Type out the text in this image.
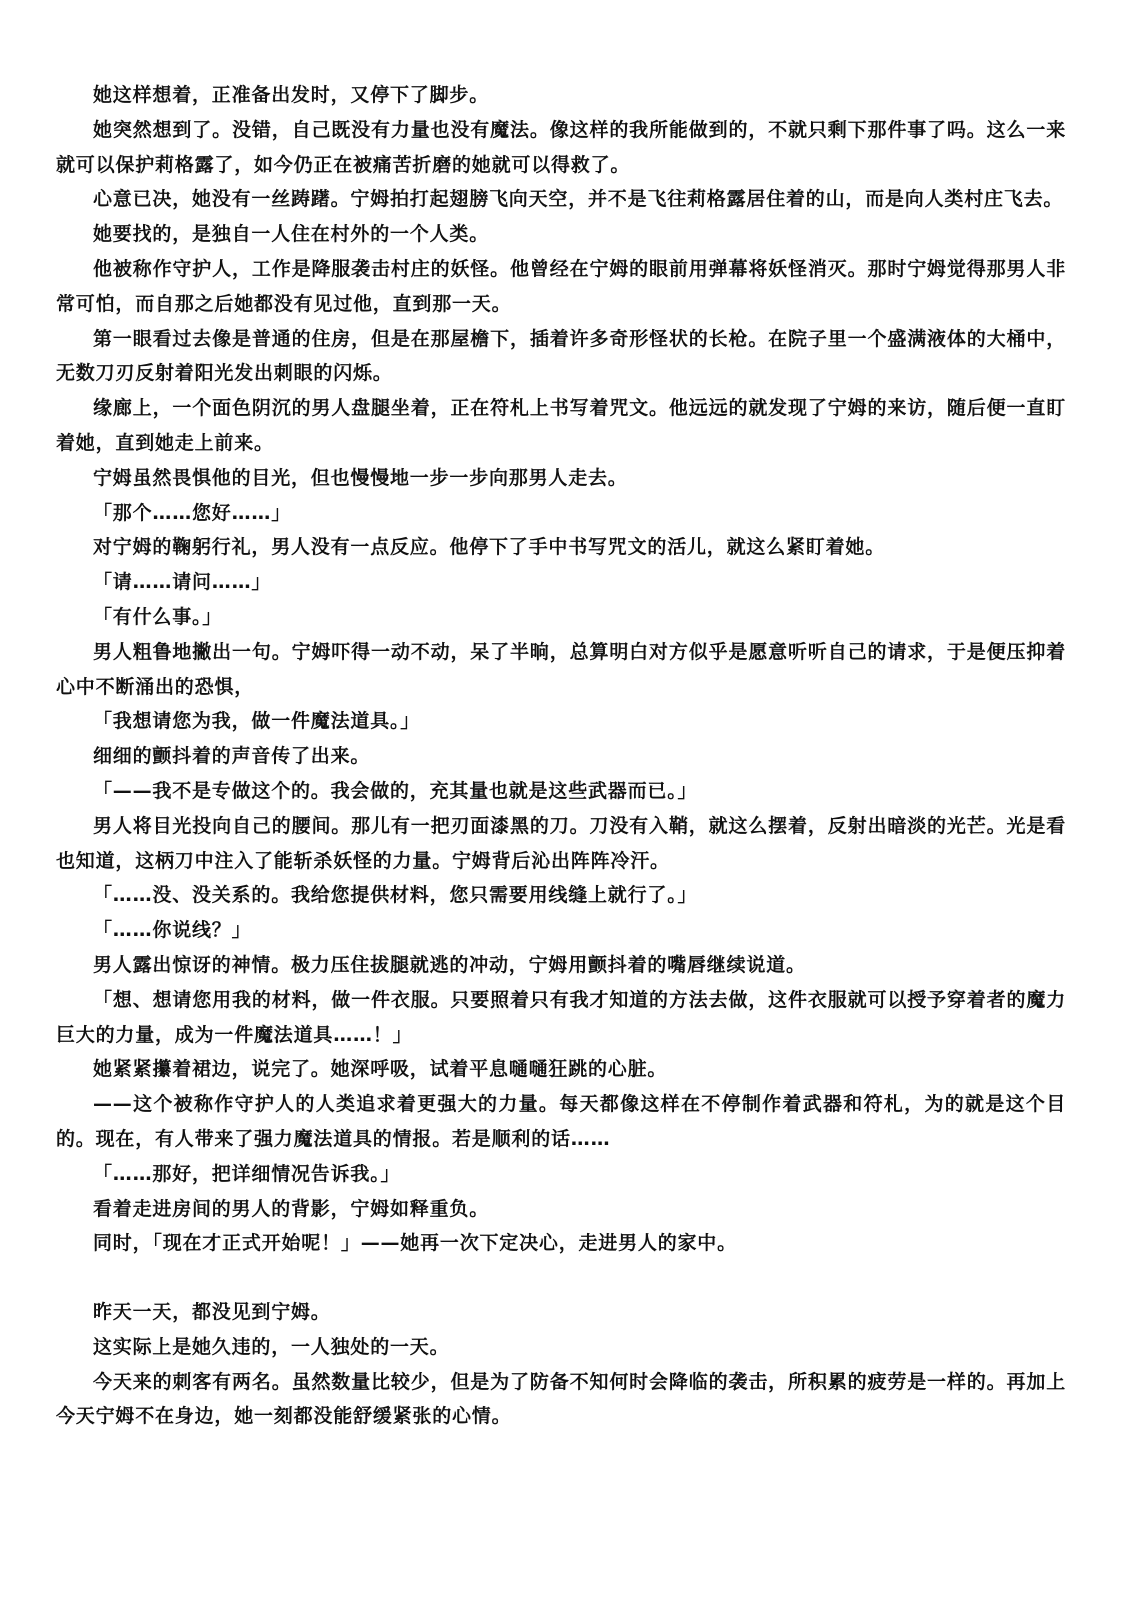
她这样想着，正准备出发时，又停下了脚步。

她突然想到了。没错，自己既没有力量也没有魔法。像这样的我所能做到的，不就只剩下那件事了吗。这么一来就可以保护莉格露了，如今仍正在被痛苦折磨的她就可以得救了。

心意已决，她没有一丝踌躇。宁姆拍打起翅膀飞向天空，并不是飞往莉格露居住着的山，而是向人类村庄飞去。

她要找的，是独自一人住在村外的一个人类。

他被称作守护人，工作是降服袭击村庄的妖怪。他曾经在宁姆的眼前用弹幕将妖怪消灭。那时宁姆觉得那男人非常可怕，而自那之后她都没有见过他，直到那一天。

第一眼看过去像是普通的住房，但是在那屋檐下，插着许多奇形怪状的长枪。在院子里一个盛满液体的大桶中，无数刀刃反射着阳光发出刺眼的闪烁。

缘廊上，一个面色阴沉的男人盘腿坐着，正在符札上书写着咒文。他远远的就发现了宁姆的来访，随后便一直盯着她，直到她走上前来。

宁姆虽然畏惧他的目光，但也慢慢地一步一步向那男人走去。

「那个……您好……」

对宁姆的鞠躬行礼，男人没有一点反应。他停下了手中书写咒文的活儿，就这么紧盯着她。

「请……请问……」

「有什么事。」

男人粗鲁地撇出一句。宁姆吓得一动不动，呆了半晌，总算明白对方似乎是愿意听听自己的请求，于是便压抑着心中不断涌出的恐惧，

「我想请您为我，做一件魔法道具。」

细细的颤抖着的声音传了出来。

「——我不是专做这个的。我会做的，充其量也就是这些武器而已。」

男人将目光投向自己的腰间。那儿有一把刃面漆黑的刀。刀没有入鞘，就这么摆着，反射出暗淡的光芒。光是看也知道，这柄刀中注入了能斩杀妖怪的力量。宁姆背后沁出阵阵冷汗。

「……没、没关系的。我给您提供材料，您只需要用线缝上就行了。」

「……你说线？」

男人露出惊讶的神情。极力压住拔腿就逃的冲动，宁姆用颤抖着的嘴唇继续说道。

「想、想请您用我的材料，做一件衣服。只要照着只有我才知道的方法去做，这件衣服就可以授予穿着者的魔力巨大的力量，成为一件魔法道具……！」

她紧紧攥着裙边，说完了。她深呼吸，试着平息嗵嗵狂跳的心脏。

——这个被称作守护人的人类追求着更强大的力量。每天都像这样在不停制作着武器和符札，为的就是这个目的。现在，有人带来了强力魔法道具的情报。若是顺利的话……

「……那好，把详细情况告诉我。」

看着走进房间的男人的背影，宁姆如释重负。

同时，「现在才正式开始呢！」——她再一次下定决心，走进男人的家中。

昨天一天，都没见到宁姆。

这实际上是她久违的，一人独处的一天。

今天来的刺客有两名。虽然数量比较少，但是为了防备不知何时会降临的袭击，所积累的疲劳是一样的。再加上今天宁姆不在身边，她一刻都没能舒缓紧张的心情。
